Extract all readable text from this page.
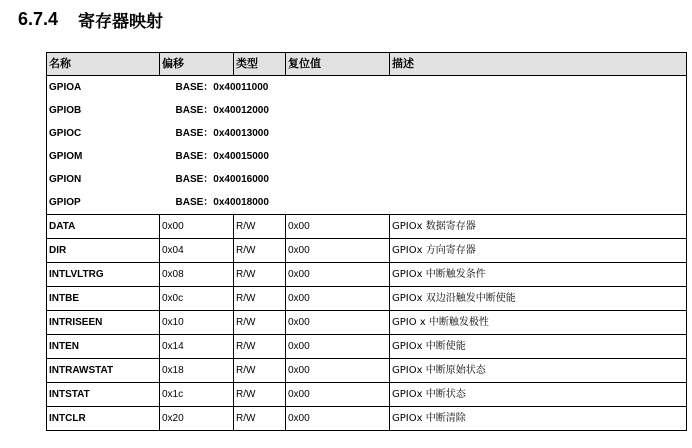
6.7.4 寄存器映射
名称	偏移	类型	复位值	描述
GPIOA	BASE：0x40011000			
GPIOB	BASE：0x40012000			
GPIOC	BASE：0x40013000			
GPIOM	BASE：0x40015000			
GPION	BASE：0x40016000			
GPIOP	BASE：0x40018000			
DATA	0x00	R/W	0x00	GPIOx 数据寄存器
DIR	0x04	R/W	0x00	GPIOx 方向寄存器
INTLVLTRG	0x08	R/W	0x00	GPIOx 中断触发条件
INTBE	0x0c	R/W	0x00	GPIOx 双边沿触发中断使能
INTRISEEN	0x10	R/W	0x00	GPIO x 中断触发极性
INTEN	0x14	R/W	0x00	GPIOx 中断使能
INTRAWSTAT	0x18	R/W	0x00	GPIOx 中断原始状态
INTSTAT	0x1c	R/W	0x00	GPIOx 中断状态
INTCLR	0x20	R/W	0x00	GPIOx 中断清除
